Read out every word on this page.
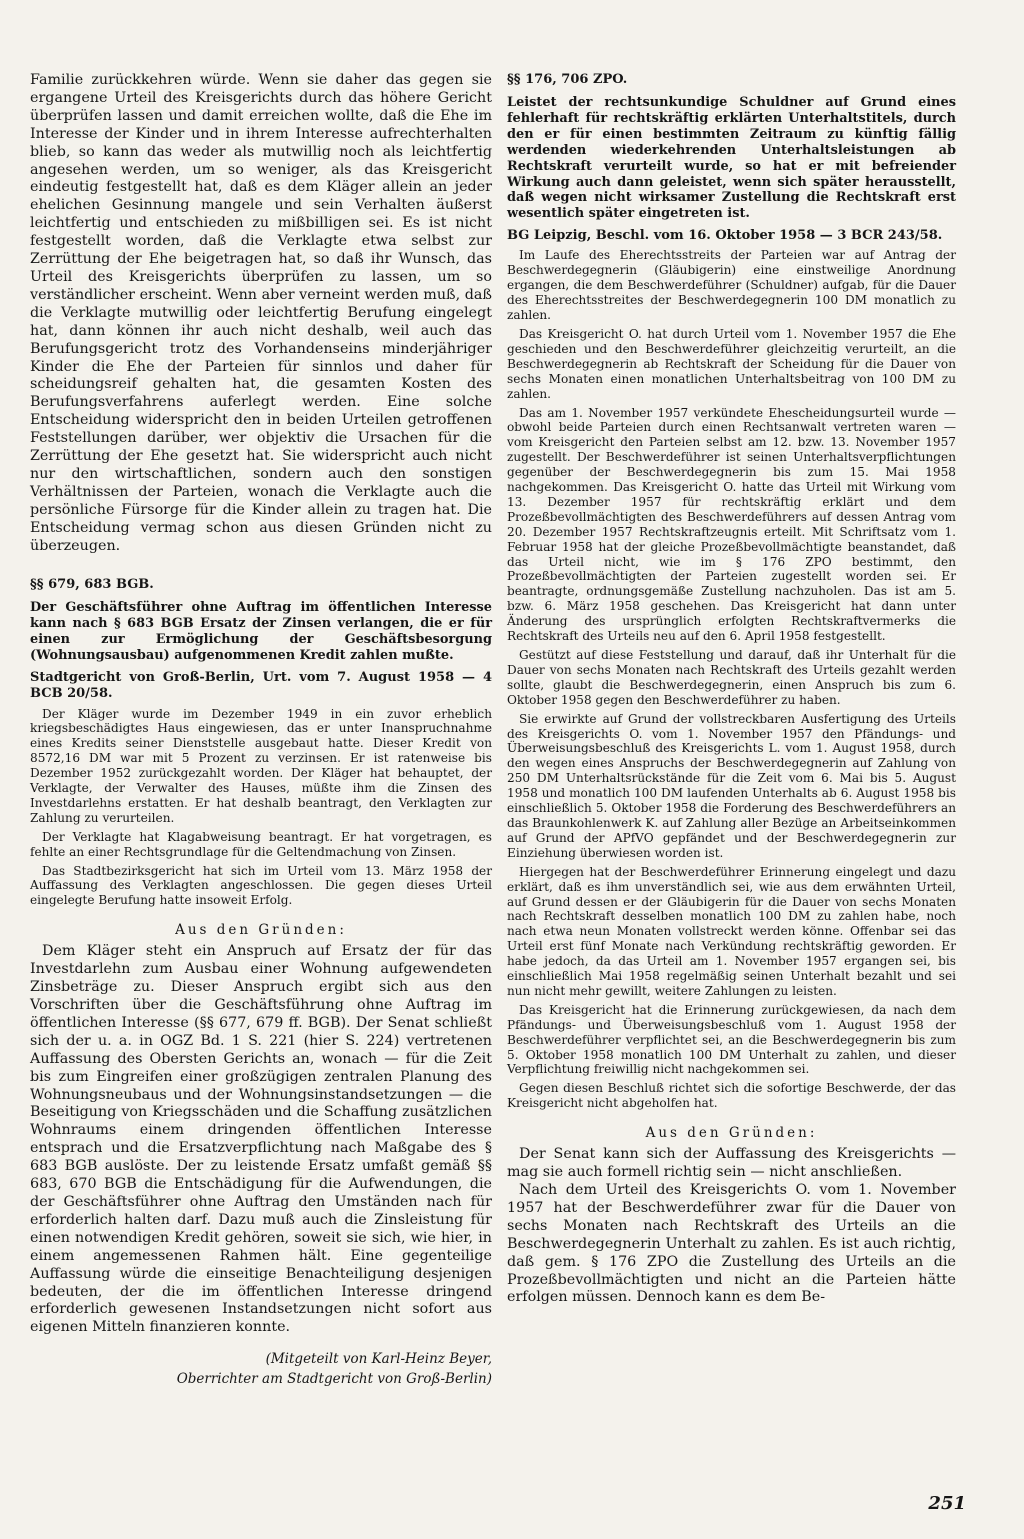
Familie zurückkehren würde. Wenn sie daher das gegen sie ergangene Urteil des Kreisgerichts durch das höhere Gericht überprüfen lassen und damit erreichen wollte, daß die Ehe im Interesse der Kinder und in ihrem Interesse aufrechterhalten blieb, so kann das weder als mutwillig noch als leichtfertig angesehen werden, um so weniger, als das Kreisgericht eindeutig festgestellt hat, daß es dem Kläger allein an jeder ehelichen Gesinnung mangele und sein Verhalten äußerst leichtfertig und entschieden zu mißbilligen sei. Es ist nicht festgestellt worden, daß die Verklagte etwa selbst zur Zerrüttung der Ehe beigetragen hat, so daß ihr Wunsch, das Urteil des Kreisgerichts überprüfen zu lassen, um so verständlicher erscheint. Wenn aber verneint werden muß, daß die Verklagte mutwillig oder leichtfertig Berufung eingelegt hat, dann können ihr auch nicht deshalb, weil auch das Berufungsgericht trotz des Vorhandenseins minderjähriger Kinder die Ehe der Parteien für sinnlos und daher für scheidungsreif gehalten hat, die gesamten Kosten des Berufungsverfahrens auferlegt werden. Eine solche Entscheidung widerspricht den in beiden Urteilen getroffenen Feststellungen darüber, wer objektiv die Ursachen für die Zerrüttung der Ehe gesetzt hat. Sie widerspricht auch nicht nur den wirtschaftlichen, sondern auch den sonstigen Verhältnissen der Parteien, wonach die Verklagte auch die persönliche Fürsorge für die Kinder allein zu tragen hat. Die Entscheidung vermag schon aus diesen Gründen nicht zu überzeugen.

§§ 679, 683 BGB.

Der Geschäftsführer ohne Auftrag im öffentlichen Interesse kann nach § 683 BGB Ersatz der Zinsen verlangen, die er für einen zur Ermöglichung der Geschäftsbesorgung (Wohnungsausbau) aufgenommenen Kredit zahlen mußte.

Stadtgericht von Groß-Berlin, Urt. vom 7. August 1958 — 4 BCB 20/58.

Der Kläger wurde im Dezember 1949 in ein zuvor erheblich kriegsbeschädigtes Haus eingewiesen, das er unter Inanspruchnahme eines Kredits seiner Dienststelle ausgebaut hatte. Dieser Kredit von 8572,16 DM war mit 5 Prozent zu verzinsen. Er ist ratenweise bis Dezember 1952 zurückgezahlt worden. Der Kläger hat behauptet, der Verklagte, der Verwalter des Hauses, müßte ihm die Zinsen des Investdarlehns erstatten. Er hat deshalb beantragt, den Verklagten zur Zahlung zu verurteilen.

Der Verklagte hat Klagabweisung beantragt. Er hat vorgetragen, es fehlte an einer Rechtsgrundlage für die Geltendmachung von Zinsen.

Das Stadtbezirksgericht hat sich im Urteil vom 13. März 1958 der Auffassung des Verklagten angeschlossen. Die gegen dieses Urteil eingelegte Berufung hatte insoweit Erfolg.

Aus den Gründen:

Dem Kläger steht ein Anspruch auf Ersatz der für das Investdarlehn zum Ausbau einer Wohnung aufgewendeten Zinsbeträge zu. Dieser Anspruch ergibt sich aus den Vorschriften über die Geschäftsführung ohne Auftrag im öffentlichen Interesse (§§ 677, 679 ff. BGB). Der Senat schließt sich der u. a. in OGZ Bd. 1 S. 221 (hier S. 224) vertretenen Auffassung des Obersten Gerichts an, wonach — für die Zeit bis zum Eingreifen einer großzügigen zentralen Planung des Wohnungsneubaus und der Wohnungsinstandsetzungen — die Beseitigung von Kriegsschäden und die Schaffung zusätzlichen Wohnraums einem dringenden öffentlichen Interesse entsprach und die Ersatzverpflichtung nach Maßgabe des § 683 BGB auslöste. Der zu leistende Ersatz umfaßt gemäß §§ 683, 670 BGB die Entschädigung für die Aufwendungen, die der Geschäftsführer ohne Auftrag den Umständen nach für erforderlich halten darf. Dazu muß auch die Zinsleistung für einen notwendigen Kredit gehören, soweit sie sich, wie hier, in einem angemessenen Rahmen hält. Eine gegenteilige Auffassung würde die einseitige Benachteiligung desjenigen bedeuten, der die im öffentlichen Interesse dringend erforderlich gewesenen Instandsetzungen nicht sofort aus eigenen Mitteln finanzieren konnte.

(Mitgeteilt von Karl-Heinz Beyer,

Oberrichter am Stadtgericht von Groß-Berlin)

§§ 176, 706 ZPO.

Leistet der rechtsunkundige Schuldner auf Grund eines fehlerhaft für rechtskräftig erklärten Unterhaltstitels, durch den er für einen bestimmten Zeitraum zu künftig fällig werdenden wiederkehrenden Unterhaltsleistungen ab Rechtskraft verurteilt wurde, so hat er mit befreiender Wirkung auch dann geleistet, wenn sich später herausstellt, daß wegen nicht wirksamer Zustellung die Rechtskraft erst wesentlich später eingetreten ist.

BG Leipzig, Beschl. vom 16. Oktober 1958 — 3 BCR 243/58.

Im Laufe des Eherechtsstreits der Parteien war auf Antrag der Beschwerdegegnerin (Gläubigerin) eine einstweilige Anordnung ergangen, die dem Beschwerdeführer (Schuldner) aufgab, für die Dauer des Eherechtsstreites der Beschwerdegegnerin 100 DM monatlich zu zahlen.

Das Kreisgericht O. hat durch Urteil vom 1. November 1957 die Ehe geschieden und den Beschwerdeführer gleichzeitig verurteilt, an die Beschwerdegegnerin ab Rechtskraft der Scheidung für die Dauer von sechs Monaten einen monatlichen Unterhaltsbeitrag von 100 DM zu zahlen.

Das am 1. November 1957 verkündete Ehescheidungsurteil wurde — obwohl beide Parteien durch einen Rechtsanwalt vertreten waren — vom Kreisgericht den Parteien selbst am 12. bzw. 13. November 1957 zugestellt. Der Beschwerdeführer ist seinen Unterhaltsverpflichtungen gegenüber der Beschwerdegegnerin bis zum 15. Mai 1958 nachgekommen. Das Kreisgericht O. hatte das Urteil mit Wirkung vom 13. Dezember 1957 für rechtskräftig erklärt und dem Prozeßbevollmächtigten des Beschwerdeführers auf dessen Antrag vom 20. Dezember 1957 Rechtskraftzeugnis erteilt. Mit Schriftsatz vom 1. Februar 1958 hat der gleiche Prozeßbevollmächtigte beanstandet, daß das Urteil nicht, wie im § 176 ZPO bestimmt, den Prozeßbevollmächtigten der Parteien zugestellt worden sei. Er beantragte, ordnungsgemäße Zustellung nachzuholen. Das ist am 5. bzw. 6. März 1958 geschehen. Das Kreisgericht hat dann unter Änderung des ursprünglich erfolgten Rechtskraftvermerks die Rechtskraft des Urteils neu auf den 6. April 1958 festgestellt.

Gestützt auf diese Feststellung und darauf, daß ihr Unterhalt für die Dauer von sechs Monaten nach Rechtskraft des Urteils gezahlt werden sollte, glaubt die Beschwerdegegnerin, einen Anspruch bis zum 6. Oktober 1958 gegen den Beschwerdeführer zu haben.

Sie erwirkte auf Grund der vollstreckbaren Ausfertigung des Urteils des Kreisgerichts O. vom 1. November 1957 den Pfändungs- und Überweisungsbeschluß des Kreisgerichts L. vom 1. August 1958, durch den wegen eines Anspruchs der Beschwerdegegnerin auf Zahlung von 250 DM Unterhaltsrückstände für die Zeit vom 6. Mai bis 5. August 1958 und monatlich 100 DM laufenden Unterhalts ab 6. August 1958 bis einschließlich 5. Oktober 1958 die Forderung des Beschwerdeführers an das Braunkohlenwerk K. auf Zahlung aller Bezüge an Arbeitseinkommen auf Grund der APfVO gepfändet und der Beschwerdegegnerin zur Einziehung überwiesen worden ist.

Hiergegen hat der Beschwerdeführer Erinnerung eingelegt und dazu erklärt, daß es ihm unverständlich sei, wie aus dem erwähnten Urteil, auf Grund dessen er der Gläubigerin für die Dauer von sechs Monaten nach Rechtskraft desselben monatlich 100 DM zu zahlen habe, noch nach etwa neun Monaten vollstreckt werden könne. Offenbar sei das Urteil erst fünf Monate nach Verkündung rechtskräftig geworden. Er habe jedoch, da das Urteil am 1. November 1957 ergangen sei, bis einschließlich Mai 1958 regelmäßig seinen Unterhalt bezahlt und sei nun nicht mehr gewillt, weitere Zahlungen zu leisten.

Das Kreisgericht hat die Erinnerung zurückgewiesen, da nach dem Pfändungs- und Überweisungsbeschluß vom 1. August 1958 der Beschwerdeführer verpflichtet sei, an die Beschwerdegegnerin bis zum 5. Oktober 1958 monatlich 100 DM Unterhalt zu zahlen, und dieser Verpflichtung freiwillig nicht nachgekommen sei.

Gegen diesen Beschluß richtet sich die sofortige Beschwerde, der das Kreisgericht nicht abgeholfen hat.

Aus den Gründen:

Der Senat kann sich der Auffassung des Kreisgerichts — mag sie auch formell richtig sein — nicht anschließen.

Nach dem Urteil des Kreisgerichts O. vom 1. November 1957 hat der Beschwerdeführer zwar für die Dauer von sechs Monaten nach Rechtskraft des Urteils an die Beschwerdegegnerin Unterhalt zu zahlen. Es ist auch richtig, daß gem. § 176 ZPO die Zustellung des Urteils an die Prozeßbevollmächtigten und nicht an die Parteien hätte erfolgen müssen. Dennoch kann es dem Be-

251
